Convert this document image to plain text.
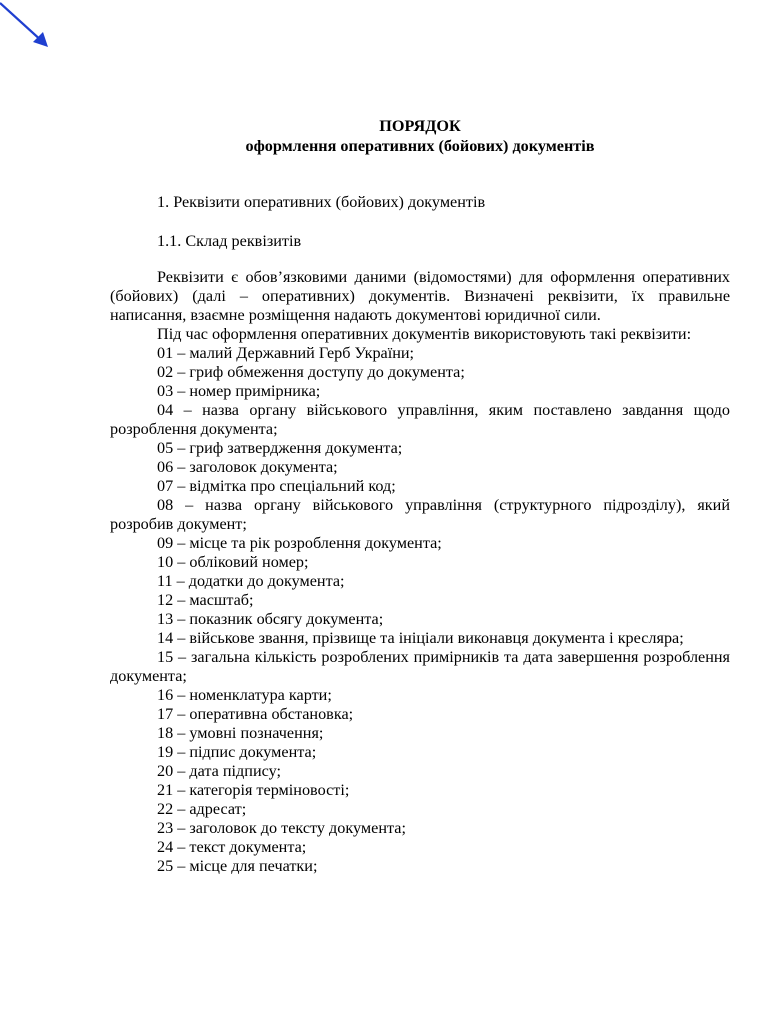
ПОРЯДОК
оформлення оперативних (бойових) документів
1. Реквізити оперативних (бойових) документів
1.1. Склад реквізитів

Реквізити є обов’язковими даними (відомостями) для оформлення оперативних (бойових) (далі – оперативних) документів. Визначені реквізити, їх правильне написання, взаємне розміщення надають документові юридичної сили.

Під час оформлення оперативних документів використовують такі реквізити:

01 – малий Державний Герб України;

02 – гриф обмеження доступу до документа;

03 – номер примірника;

04 – назва органу військового управління, яким поставлено завдання щодо розроблення документа;

05 – гриф затвердження документа;

06 – заголовок документа;

07 – відмітка про спеціальний код;

08 – назва органу військового управління (структурного підрозділу), який розробив документ;

09 – місце та рік розроблення документа;

10 – обліковий номер;

11 – додатки до документа;

12 – масштаб;

13 – показник обсягу документа;

14 – військове звання, прізвище та ініціали виконавця документа і кресляра;

15 – загальна кількість розроблених примірників та дата завершення розроблення документа;

16 – номенклатура карти;

17 – оперативна обстановка;

18 – умовні позначення;

19 – підпис документа;

20 – дата підпису;

21 – категорія терміновості;

22 – адресат;

23 – заголовок до тексту документа;

24 – текст документа;

25 – місце для печатки;
